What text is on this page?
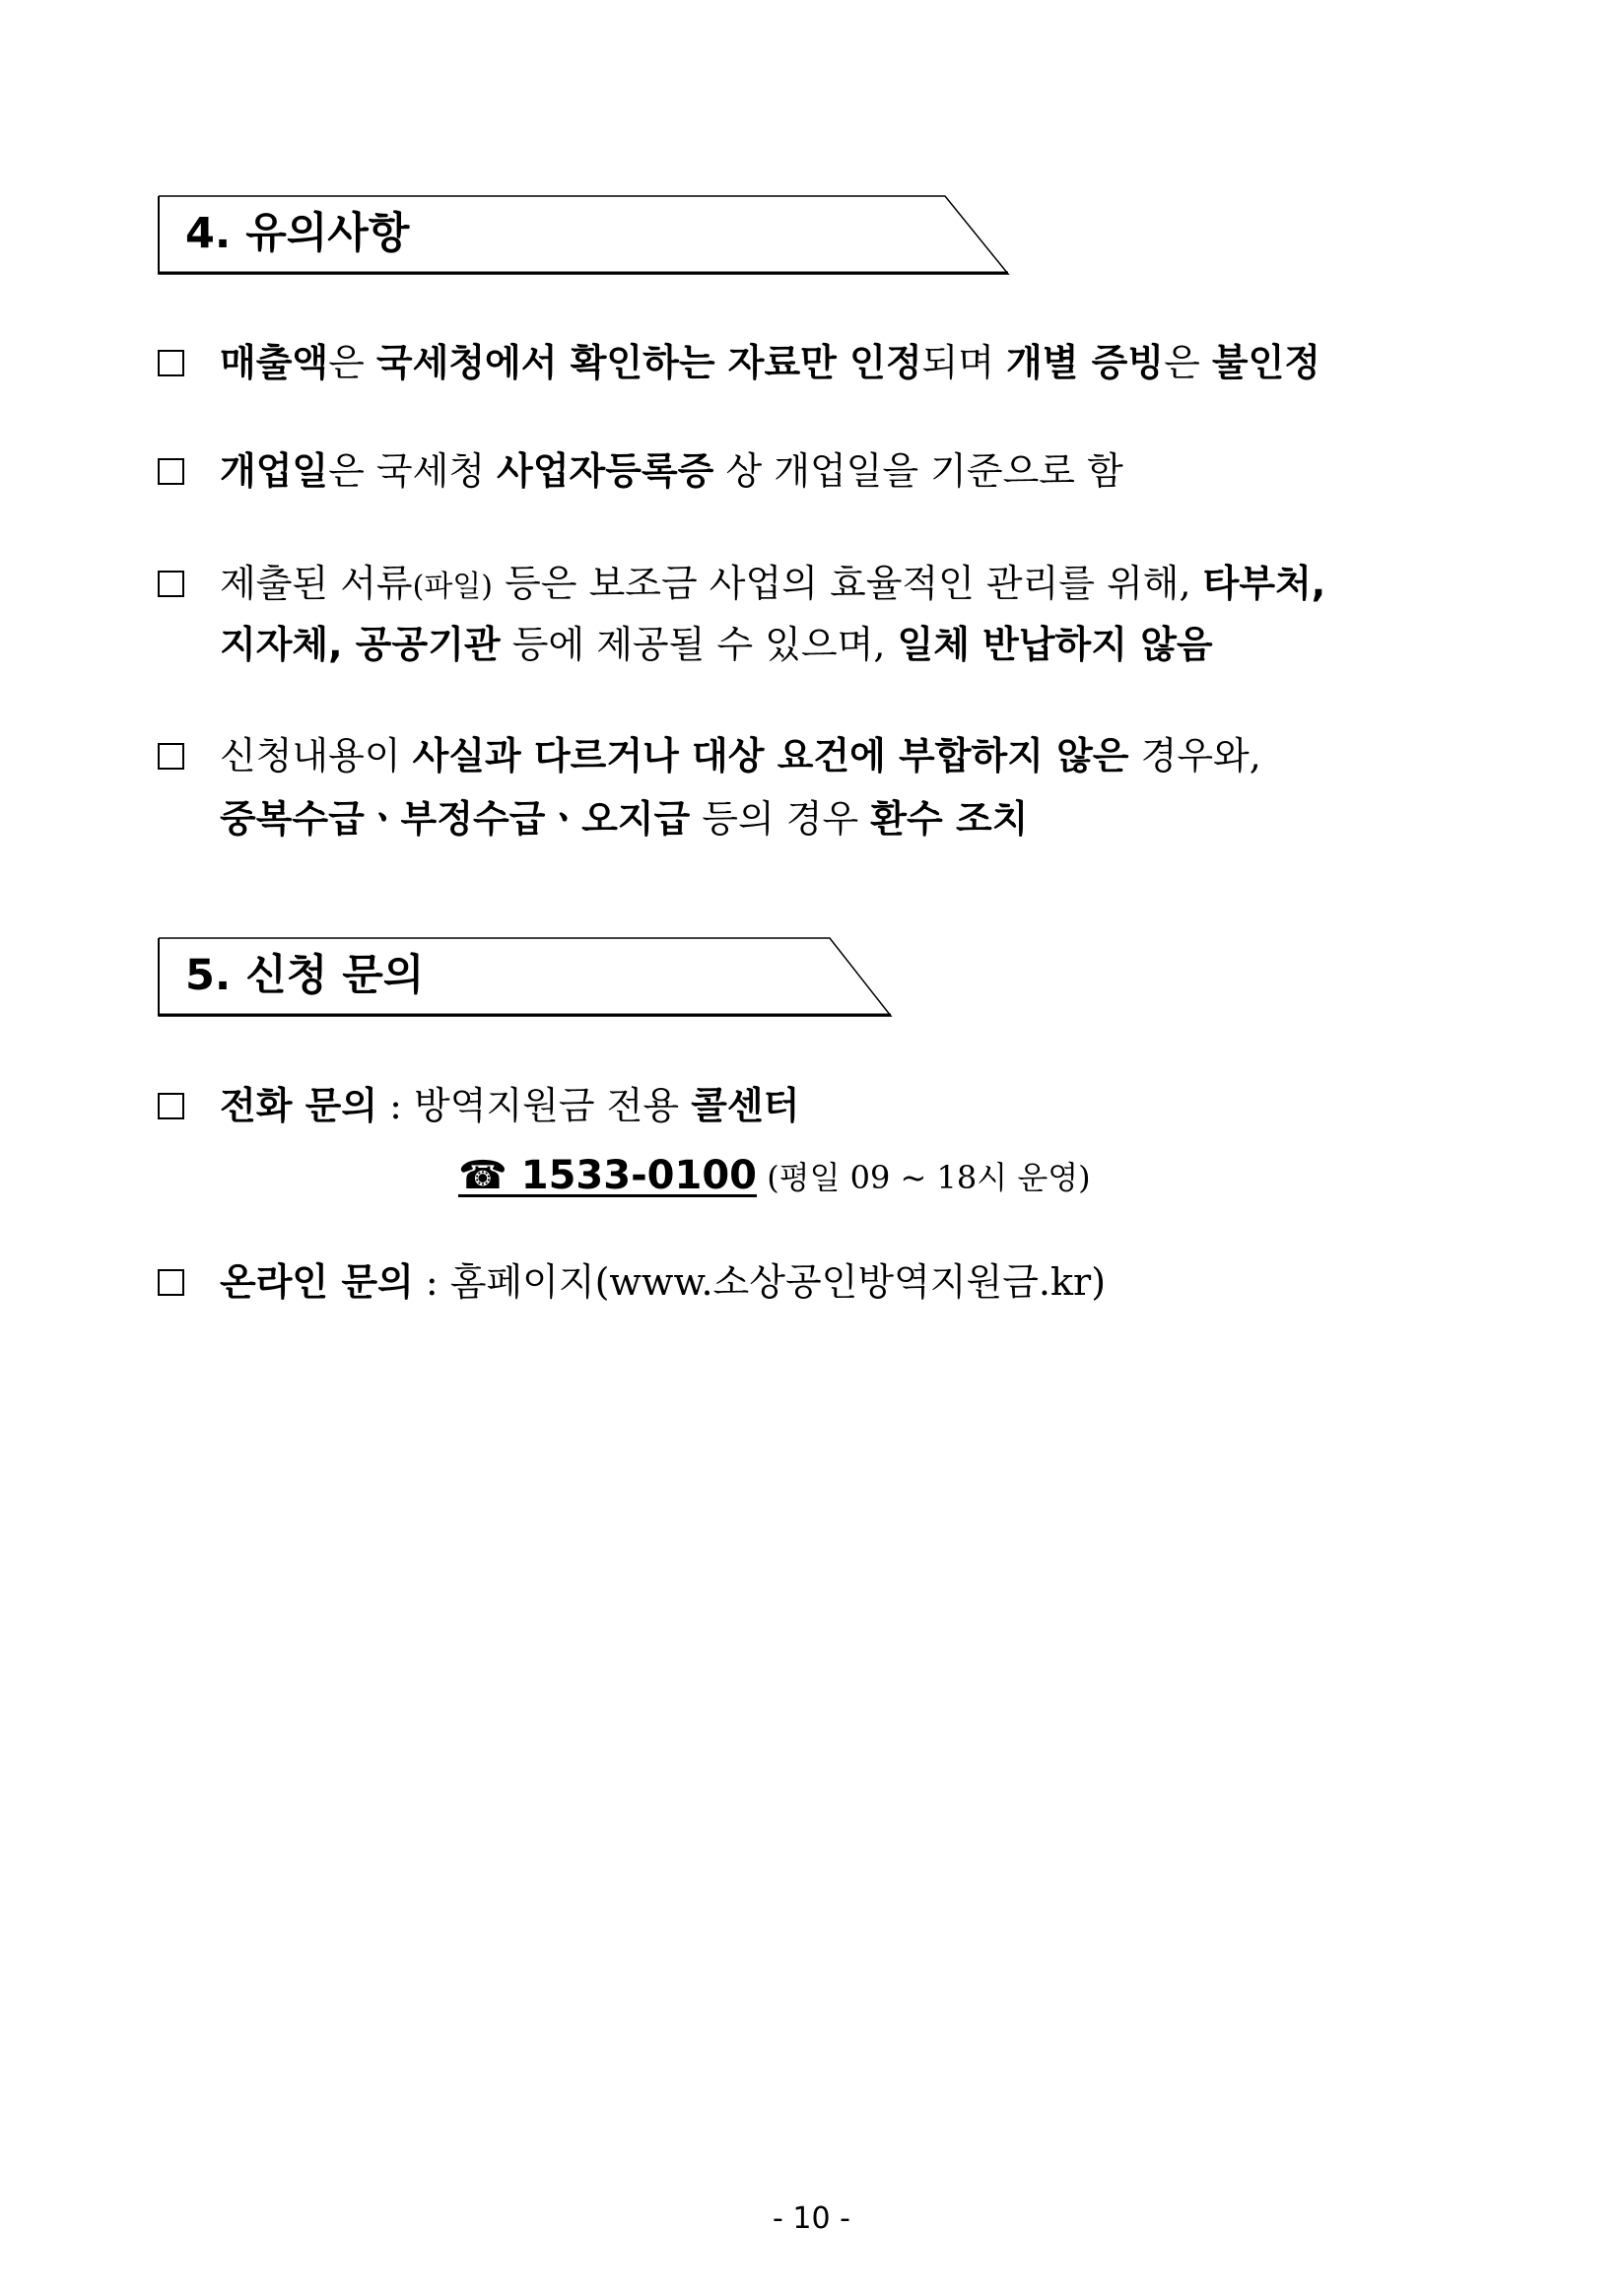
4. 유의사항
매출액은 국세청에서 확인하는 자료만 인정되며 개별 증빙은 불인정
개업일은 국세청 사업자등록증 상 개업일을 기준으로 함
제출된 서류(파일) 등은 보조금 사업의 효율적인 관리를 위해, 타부처,
지자체, 공공기관 등에 제공될 수 있으며, 일체 반납하지 않음
신청내용이 사실과 다르거나 대상 요건에 부합하지 않은 경우와,
중복수급ㆍ부정수급ㆍ오지급 등의 경우 환수 조치
5. 신청 문의
전화 문의 : 방역지원금 전용 콜센터
☎ 1533-0100 (평일 09 ~ 18시 운영)
온라인 문의 : 홈페이지(www.소상공인방역지원금.kr)
- 10 -
